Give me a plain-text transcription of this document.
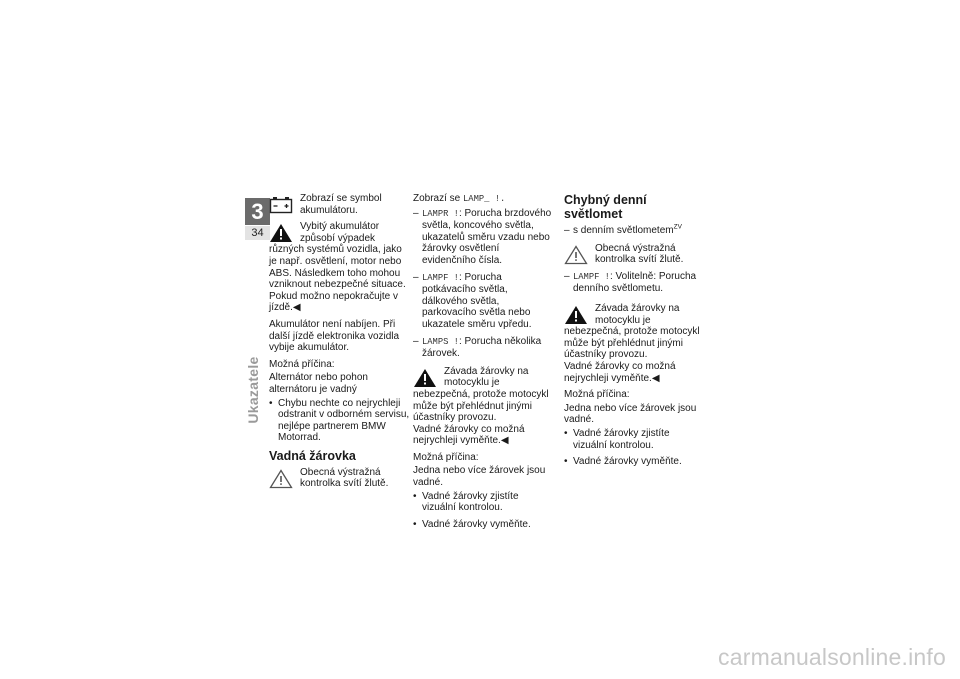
3
34
Ukazatele
Zobrazí se symbol akumulátoru.
Vybitý akumulátor způsobí výpadek různých systémů vozidla, jako je např. osvětlení, motor nebo ABS. Následkem toho mohou vzniknout nebezpečné situace.
Pokud možno nepokračujte v jízdě.◀

Akumulátor není nabíjen. Při další jízdě elektronika vozidla vybije akumulátor.

Možná příčina:

Alternátor nebo pohon alternátoru je vadný

• Chybu nechte co nejrychleji odstranit v odborném servisu, nejlépe partnerem BMW Motorrad.

Vadná žárovka
Obecná výstražná kontrolka svítí žlutě.

Zobrazí se LAMP_ !.

– LAMPR !: Porucha brzdového světla, koncového světla, ukazatelů směru vzadu nebo žárovky osvětlení evidenčního čísla.

– LAMPF !: Porucha potkávacího světla, dálkového světla, parkovacího světla nebo ukazatele směru vpředu.

– LAMPS !: Porucha několika žárovek.

Závada žárovky na motocyklu je nebezpečná, protože motocykl může být přehlédnut jinými účastníky provozu.
Vadné žárovky co možná nejrychleji vyměňte.◀

Možná příčina:

Jedna nebo více žárovek jsou vadné.

• Vadné žárovky zjistíte vizuální kontrolou.

• Vadné žárovky vyměňte.

Chybný denní světlomet

– s denním světlometem$^{ZV}$

Obecná výstražná kontrolka svítí žlutě.

– LAMPF !: Volitelně: Porucha denního světlometu.

Závada žárovky na motocyklu je nebezpečná, protože motocykl může být přehlédnut jinými účastníky provozu.
Vadné žárovky co možná nejrychleji vyměňte.◀

Možná příčina:

Jedna nebo více žárovek jsou vadné.

• Vadné žárovky zjistíte vizuální kontrolou.

• Vadné žárovky vyměňte.

carmanualsonline.info
